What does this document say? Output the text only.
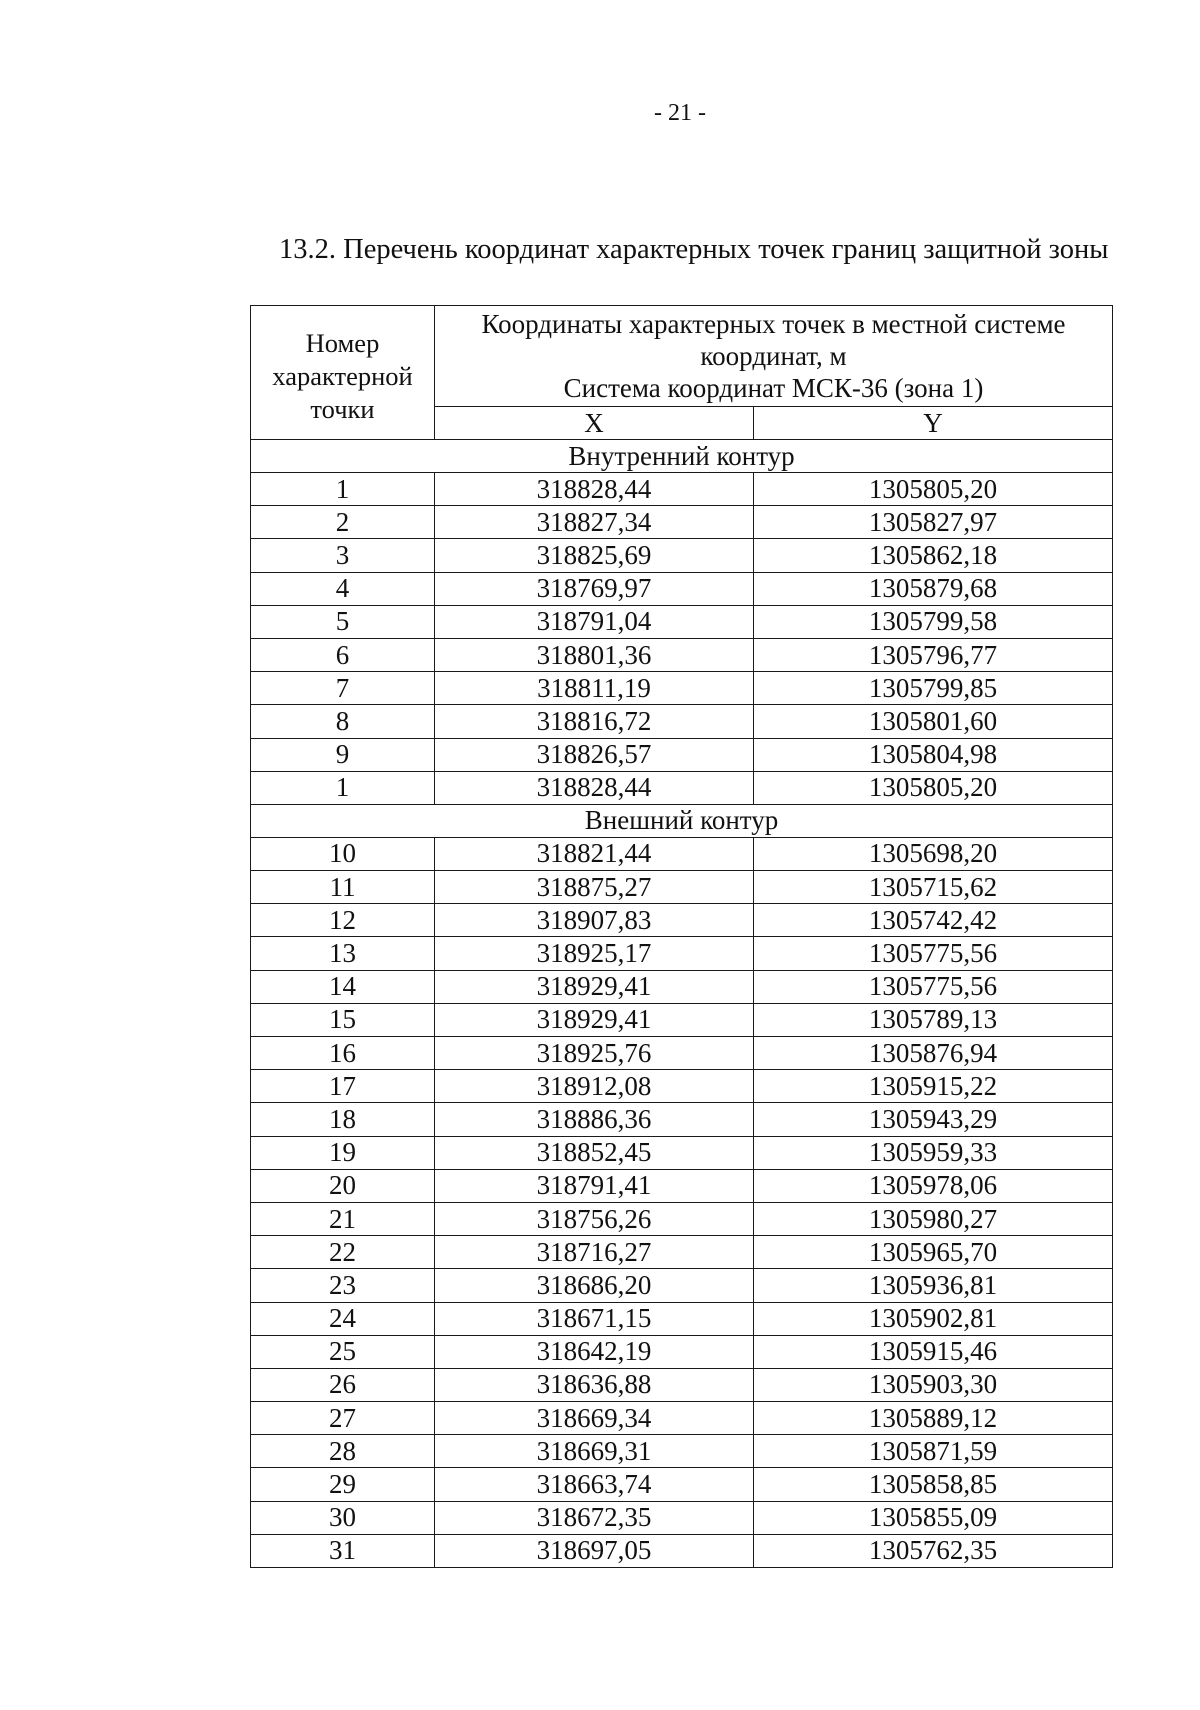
- 21 -
13.2. Перечень координат характерных точек границ защитной зоны
Номер
характерной
точки	Координаты характерных точек в местной системе
координат, м
Система координат МСК-36 (зона 1)	

	X	Y
Внутренний контур		
1	318828,44	1305805,20
2	318827,34	1305827,97
3	318825,69	1305862,18
4	318769,97	1305879,68
5	318791,04	1305799,58
6	318801,36	1305796,77
7	318811,19	1305799,85
8	318816,72	1305801,60
9	318826,57	1305804,98
1	318828,44	1305805,20
Внешний контур		
10	318821,44	1305698,20
11	318875,27	1305715,62
12	318907,83	1305742,42
13	318925,17	1305775,56
14	318929,41	1305775,56
15	318929,41	1305789,13
16	318925,76	1305876,94
17	318912,08	1305915,22
18	318886,36	1305943,29
19	318852,45	1305959,33
20	318791,41	1305978,06
21	318756,26	1305980,27
22	318716,27	1305965,70
23	318686,20	1305936,81
24	318671,15	1305902,81
25	318642,19	1305915,46
26	318636,88	1305903,30
27	318669,34	1305889,12
28	318669,31	1305871,59
29	318663,74	1305858,85
30	318672,35	1305855,09
31	318697,05	1305762,35
